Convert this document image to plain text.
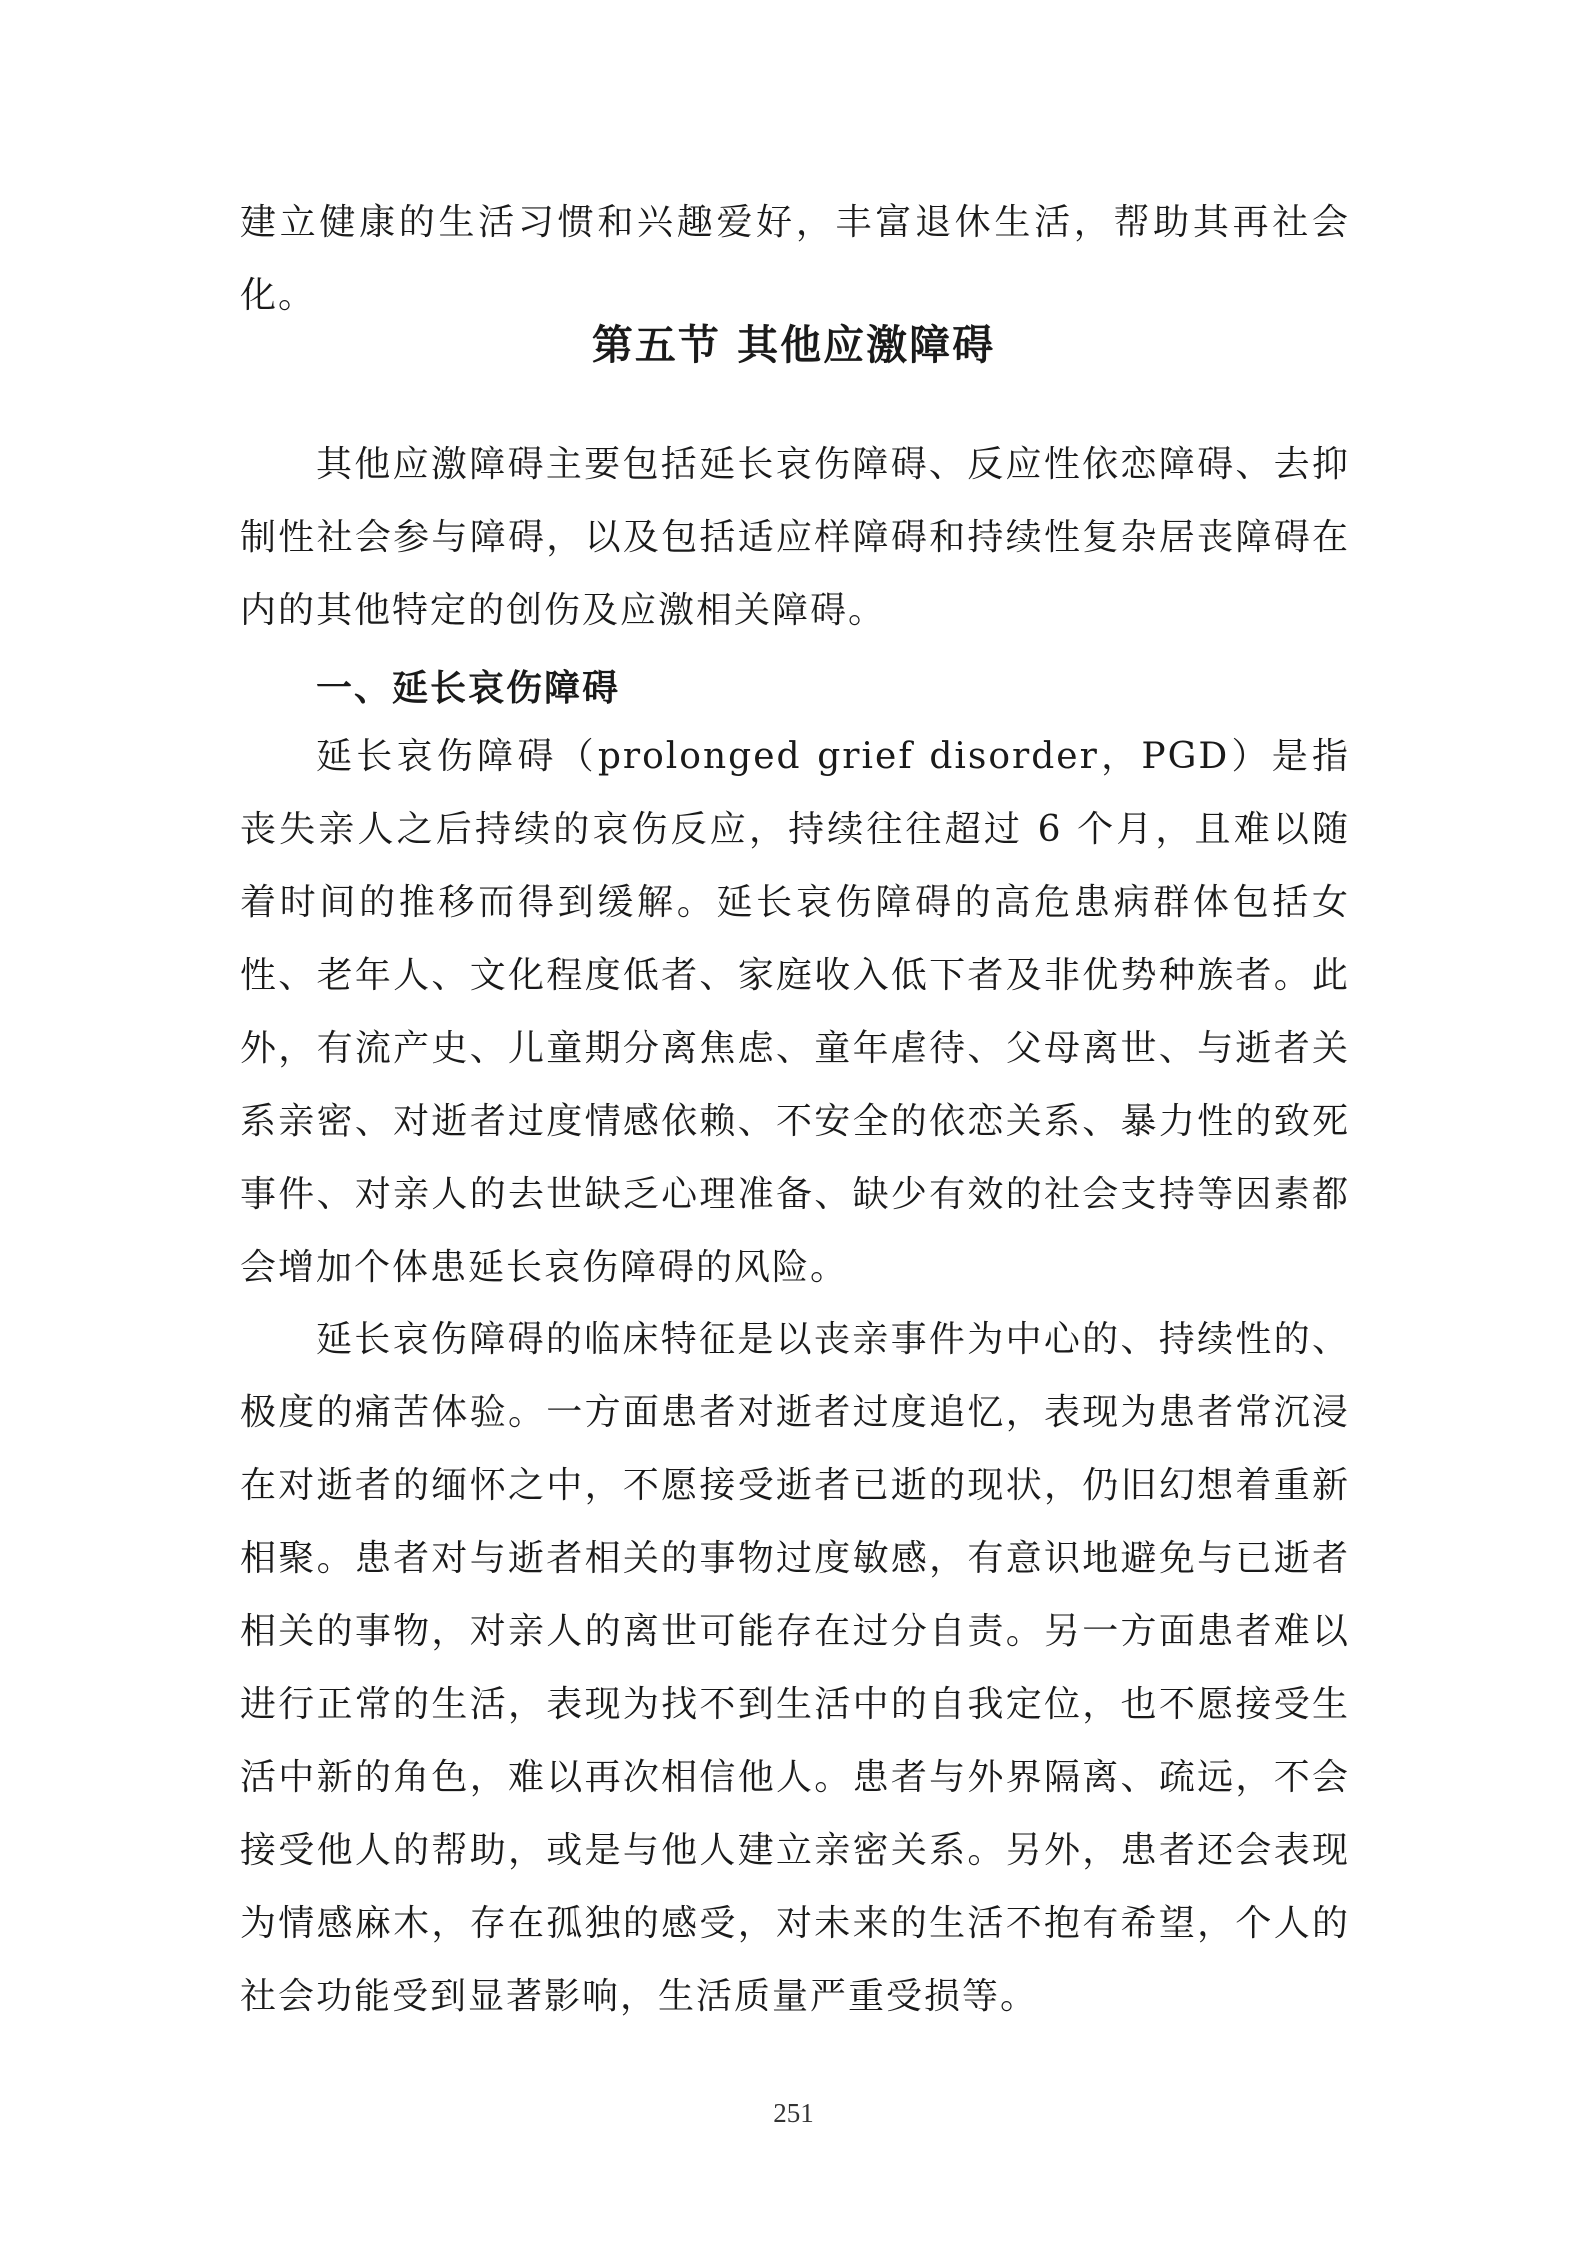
建立健康的生活习惯和兴趣爱好，丰富退休生活，帮助其再社会化。

第五节 其他应激障碍

其他应激障碍主要包括延长哀伤障碍、反应性依恋障碍、去抑制性社会参与障碍，以及包括适应样障碍和持续性复杂居丧障碍在内的其他特定的创伤及应激相关障碍。

一、延长哀伤障碍

延长哀伤障碍（prolonged grief disorder，PGD）是指丧失亲人之后持续的哀伤反应，持续往往超过 6 个月，且难以随着时间的推移而得到缓解。延长哀伤障碍的高危患病群体包括女性、老年人、文化程度低者、家庭收入低下者及非优势种族者。此外，有流产史、儿童期分离焦虑、童年虐待、父母离世、与逝者关系亲密、对逝者过度情感依赖、不安全的依恋关系、暴力性的致死事件、对亲人的去世缺乏心理准备、缺少有效的社会支持等因素都会增加个体患延长哀伤障碍的风险。

延长哀伤障碍的临床特征是以丧亲事件为中心的、持续性的、极度的痛苦体验。一方面患者对逝者过度追忆，表现为患者常沉浸在对逝者的缅怀之中，不愿接受逝者已逝的现状，仍旧幻想着重新相聚。患者对与逝者相关的事物过度敏感，有意识地避免与已逝者相关的事物，对亲人的离世可能存在过分自责。另一方面患者难以进行正常的生活，表现为找不到生活中的自我定位，也不愿接受生活中新的角色，难以再次相信他人。患者与外界隔离、疏远，不会接受他人的帮助，或是与他人建立亲密关系。另外，患者还会表现为情感麻木，存在孤独的感受，对未来的生活不抱有希望，个人的社会功能受到显著影响，生活质量严重受损等。

251
